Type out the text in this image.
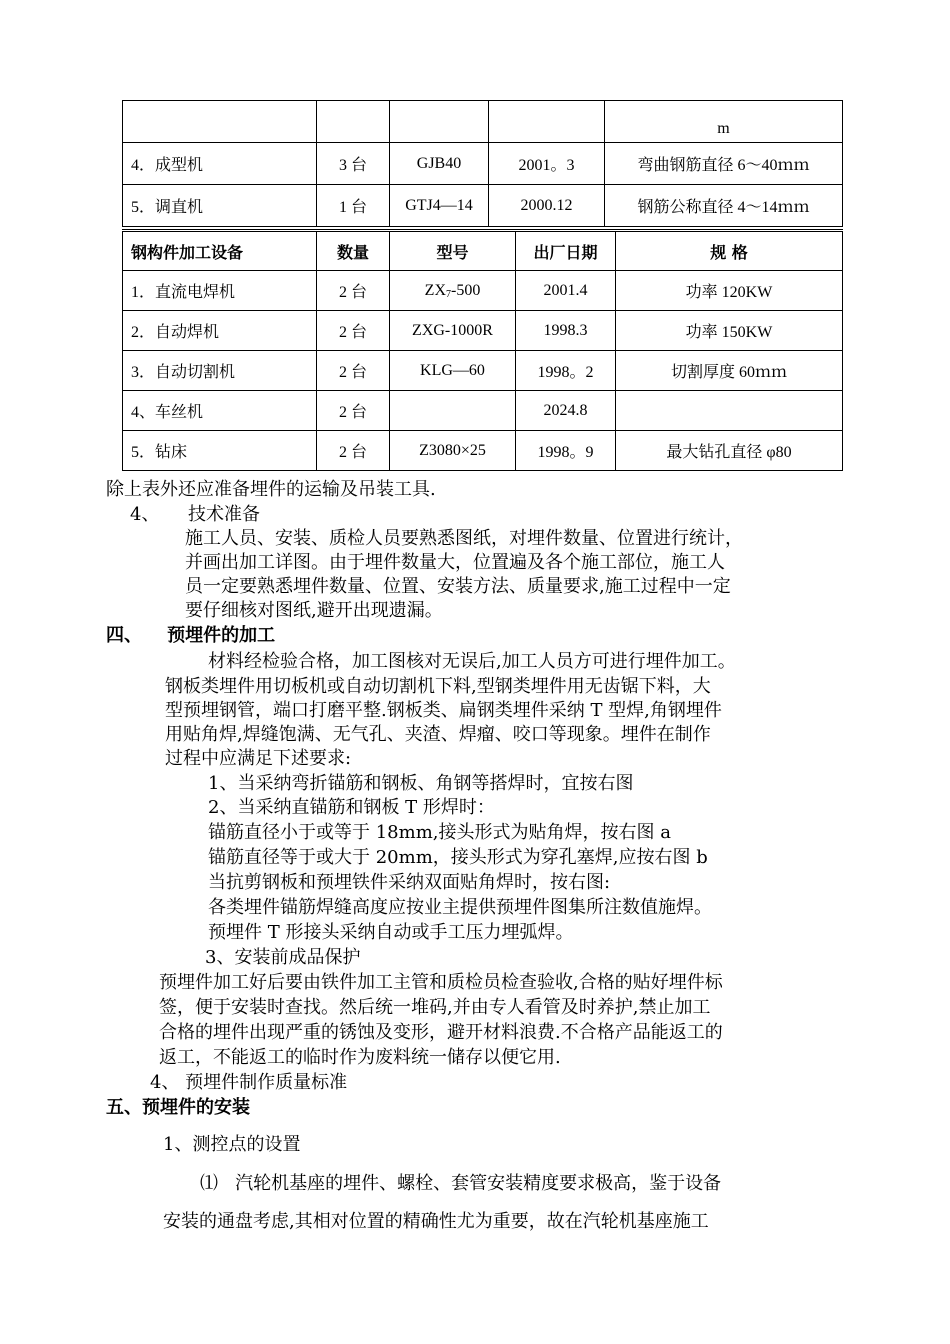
				m
4．成型机	3 台	GJB40	2001。3	弯曲钢筋直径 6～40ｍｍ
5．调直机	1 台	GTJ4—14	2000.12	钢筋公称直径 4～14ｍｍ
钢构件加工设备	数量	型号	出厂日期	规 格
1．直流电焊机	2 台	$ZX_7-500$	2001.4	功率 120KW
2．自动焊机	2 台	ZXG-1000R	1998.3	功率 150KW
3．自动切割机	2 台	KLG—60	1998。2	切割厚度 60ｍｍ
4、车丝机	2 台		2024.8	
5．钻床	2 台	Z3080×25	1998。9	最大钻孔直径 φ80
除上表外还应准备埋件的运输及吊装工具.
4、     技术准备
施工人员、安装、质检人员要熟悉图纸，对埋件数量、位置进行统计，
并画出加工详图。由于埋件数量大，位置遍及各个施工部位，施工人
员一定要熟悉埋件数量、位置、安装方法、质量要求,施工过程中一定
要仔细核对图纸,避开出现遗漏。
四、    预埋件的加工
材料经检验合格，加工图核对无误后,加工人员方可进行埋件加工。
钢板类埋件用切板机或自动切割机下料,型钢类埋件用无齿锯下料，大
型预埋钢管，端口打磨平整.钢板类、扁钢类埋件采纳 T 型焊,角钢埋件
用贴角焊,焊缝饱满、无气孔、夹渣、焊瘤、咬口等现象。埋件在制作
过程中应满足下述要求:
1、当采纳弯折锚筋和钢板、角钢等搭焊时，宜按右图
2、当采纳直锚筋和钢板 T 形焊时：
锚筋直径小于或等于 18mm,接头形式为贴角焊，按右图 a
锚筋直径等于或大于 20mm，接头形式为穿孔塞焊,应按右图 b
当抗剪钢板和预埋铁件采纳双面贴角焊时，按右图:
各类埋件锚筋焊缝高度应按业主提供预埋件图集所注数值施焊。
预埋件 T 形接头采纳自动或手工压力埋弧焊。
3、安装前成品保护
预埋件加工好后要由铁件加工主管和质检员检查验收,合格的贴好埋件标
签，便于安装时查找。然后统一堆码,并由专人看管及时养护,禁止加工
合格的埋件出现严重的锈蚀及变形，避开材料浪费.不合格产品能返工的
返工，不能返工的临时作为废料统一储存以便它用.
4、 预埋件制作质量标准
五、预埋件的安装
1、测控点的设置
⑴   汽轮机基座的埋件、螺栓、套管安装精度要求极高，鉴于设备
安装的通盘考虑,其相对位置的精确性尤为重要，故在汽轮机基座施工
